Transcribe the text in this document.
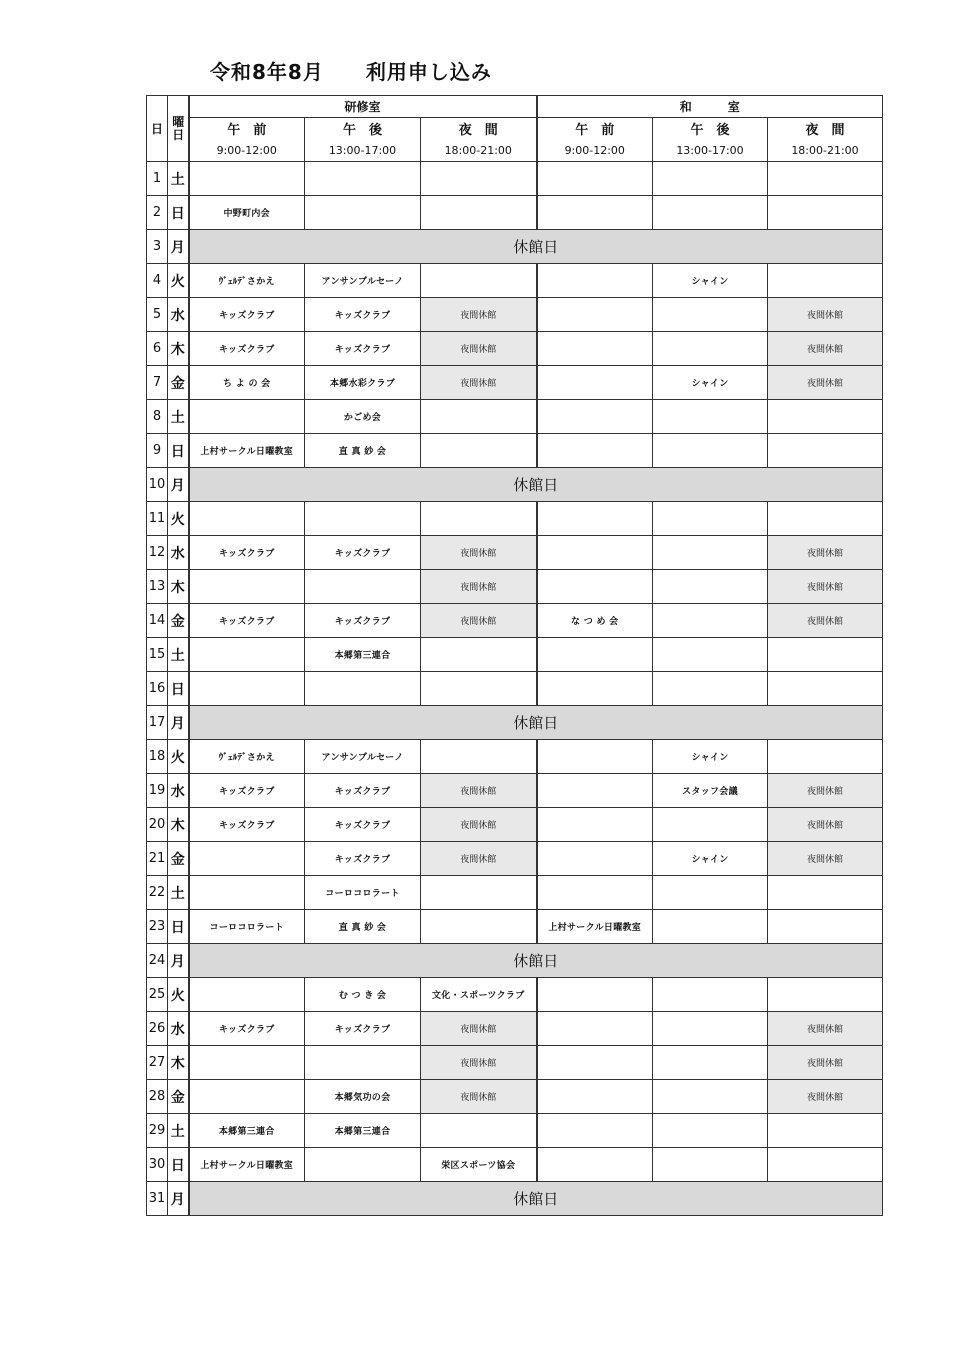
令和8年8月　　利用申し込み
日	曜日	研修室			和　　　室		
		午　前	午　後	夜　間	午　前	午　後	夜　間
		9:00-12:00	13:00-17:00	18:00-21:00	9:00-12:00	13:00-17:00	18:00-21:00
1	土						
2	日	中野町内会					
3	月	休館日					
4	火	ｳﾞｪﾙﾃﾞさかえ	アンサンブルセーノ			シャイン	
5	水	キッズクラブ	キッズクラブ	夜間休館			夜間休館
6	木	キッズクラブ	キッズクラブ	夜間休館			夜間休館
7	金	ち よ の 会	本郷水彩クラブ	夜間休館		シャイン	夜間休館
8	土		かごめ会				
9	日	上村サークル日曜教室	直 真 紗 会				
10	月	休館日					
11	火						
12	水	キッズクラブ	キッズクラブ	夜間休館			夜間休館
13	木			夜間休館			夜間休館
14	金	キッズクラブ	キッズクラブ	夜間休館	な つ め 会		夜間休館
15	土		本郷第三連合				
16	日						
17	月	休館日					
18	火	ｳﾞｪﾙﾃﾞさかえ	アンサンブルセーノ			シャイン	
19	水	キッズクラブ	キッズクラブ	夜間休館		スタッフ会議	夜間休館
20	木	キッズクラブ	キッズクラブ	夜間休館			夜間休館
21	金		キッズクラブ	夜間休館		シャイン	夜間休館
22	土		コーロコロラート				
23	日	コーロコロラート	直 真 紗 会		上村サークル日曜教室		
24	月	休館日					
25	火		む つ き 会	文化・スポーツクラブ			
26	水	キッズクラブ	キッズクラブ	夜間休館			夜間休館
27	木			夜間休館			夜間休館
28	金		本郷気功の会	夜間休館			夜間休館
29	土	本郷第三連合	本郷第三連合				
30	日	上村サークル日曜教室		栄区スポーツ協会			
31	月	休館日					
